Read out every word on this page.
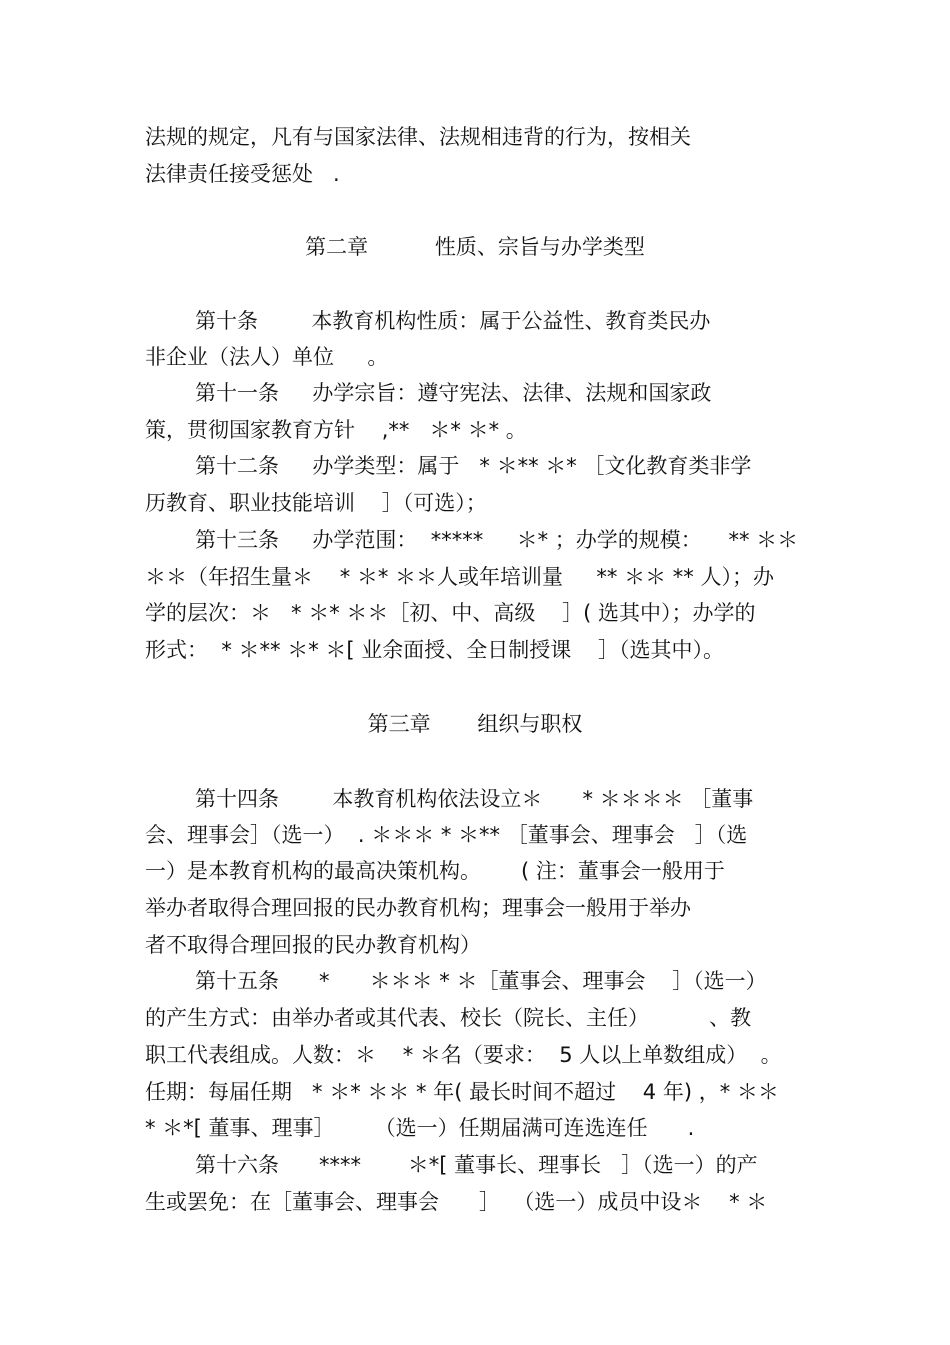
法规的规定，凡有与国家法律、法规相违背的行为，按相关
法律责任接受惩处   .
第二章          性质、宗旨与办学类型
第十条        本教育机构性质：属于公益性、教育类民办
非企业（法人）单位     。
第十一条     办学宗旨：遵守宪法、法律、法规和国家政
策，贯彻国家教育方针    ,**   ＊* ＊* 。
第十二条     办学类型：属于   * ＊** ＊* ［文化教育类非学
历教育、职业技能培训    ］（可选）；
第十三条     办学范围：  *****     ＊* ；办学的规模：    ** ＊＊
＊＊（年招生量＊    * ＊* ＊＊人或年培训量     ** ＊＊ ** 人）；办
学的层次：＊   * ＊* ＊＊［初、中、高级    ］( 选其中）；办学的
形式：  * ＊** ＊* ＊[ 业余面授、全日制授课    ］（选其中）。
第三章       组织与职权
第十四条        本教育机构依法设立＊      * ＊＊＊＊ ［董事
会、理事会］（选一）  . ＊＊＊ * ＊** ［董事会、理事会   ］（选
一）是本教育机构的最高决策机构。      ( 注：董事会一般用于
举办者取得合理回报的民办教育机构；理事会一般用于举办
者不取得合理回报的民办教育机构）
第十五条      *      ＊＊＊ * ＊［董事会、理事会    ］（选一）
的产生方式：由举办者或其代表、校长（院长、主任）         、教
职工代表组成。人数：＊    * ＊名（要求：  5 人以上单数组成）  。
任期：每届任期   * ＊* ＊＊ * 年( 最长时间不超过    4 年) ，* ＊＊
* ＊*[ 董事、理事］      （选一）任期届满可连选连任      .
第十六条      ****       ＊*[ 董事长、理事长   ］（选一）的产
生或罢免：在［董事会、理事会      ］  （选一）成员中设＊    * ＊
